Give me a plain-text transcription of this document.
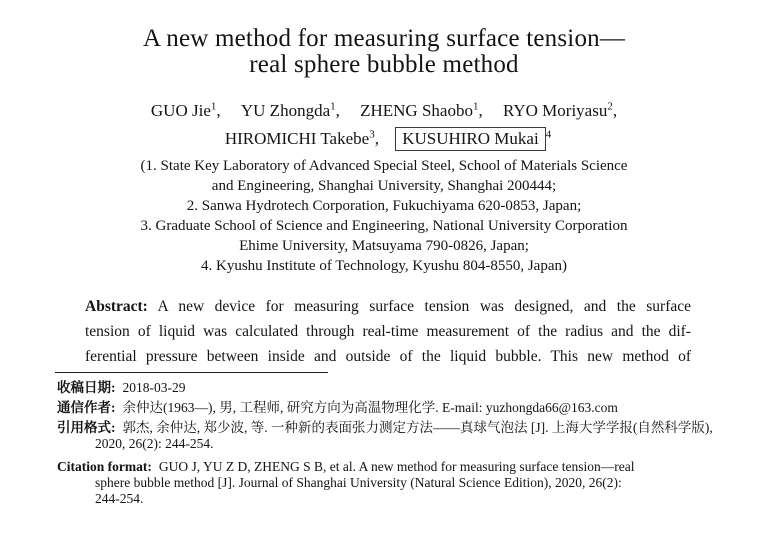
A new method for measuring surface tension—
real sphere bubble method
GUO Jie$^1$, YU Zhongda$^1$, ZHENG Shaobo$^1$, RYO Moriyasu$^2$,
HIROMICHI Takebe$^3$, KUSUHIRO Mukai $^4$
(1. State Key Laboratory of Advanced Special Steel, School of Materials Science
and Engineering, Shanghai University, Shanghai 200444;
2. Sanwa Hydrotech Corporation, Fukuchiyama 620-0853, Japan;
3. Graduate School of Science and Engineering, National University Corporation
Ehime University, Matsuyama 790-0826, Japan;
4. Kyushu Institute of Technology, Kyushu 804-8550, Japan)
Abstract: A new device for measuring surface tension was designed, and the surface
tension of liquid was calculated through real-time measurement of the radius and the dif-
ferential pressure between inside and outside of the liquid bubble. This new method of
收稿日期: 2018-03-29
通信作者: 余仲达(1963—), 男, 工程师, 研究方向为高温物理化学. E-mail: yuzhongda66@163.com
引用格式: 郭杰, 余仲达, 郑少波, 等. 一种新的表面张力测定方法——真球气泡法 [J]. 上海大学学报(自然科学版),
2020, 26(2): 244-254.
Citation format: GUO J, YU Z D, ZHENG S B, et al. A new method for measuring surface tension—real
sphere bubble method [J]. Journal of Shanghai University (Natural Science Edition), 2020, 26(2):
244-254.
